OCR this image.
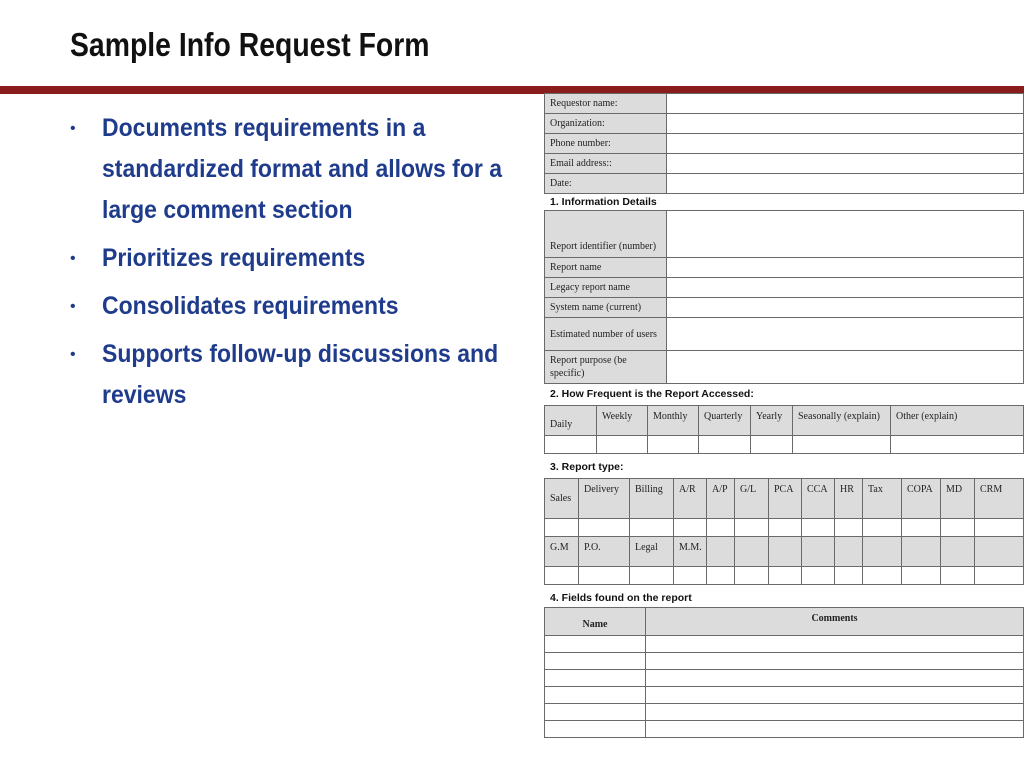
Sample Info Request Form
• Documents requirements in a standardized format and allows for a large comment section
• Prioritizes requirements
• Consolidates requirements
• Supports follow-up discussions and reviews
Requestor name:	
Organization:	
Phone number:	
Email address::	
Date:	
1. Information Details
Report identifier (number)	
Report name	
Legacy report name	
System name (current)	
Estimated number of users	
Report purpose (be specific)	
2. How Frequent is the Report Accessed:
Daily	Weekly	Monthly	Quarterly	Yearly	Seasonally (explain)	Other (explain)

3. Report type:
Sales	Delivery	Billing	A/R	A/P	G/L	PCA	CCA	HR	Tax	COPA	MD	CRM

G.M	P.O.	Legal	M.M.									

4. Fields found on the report
Name	Comments
